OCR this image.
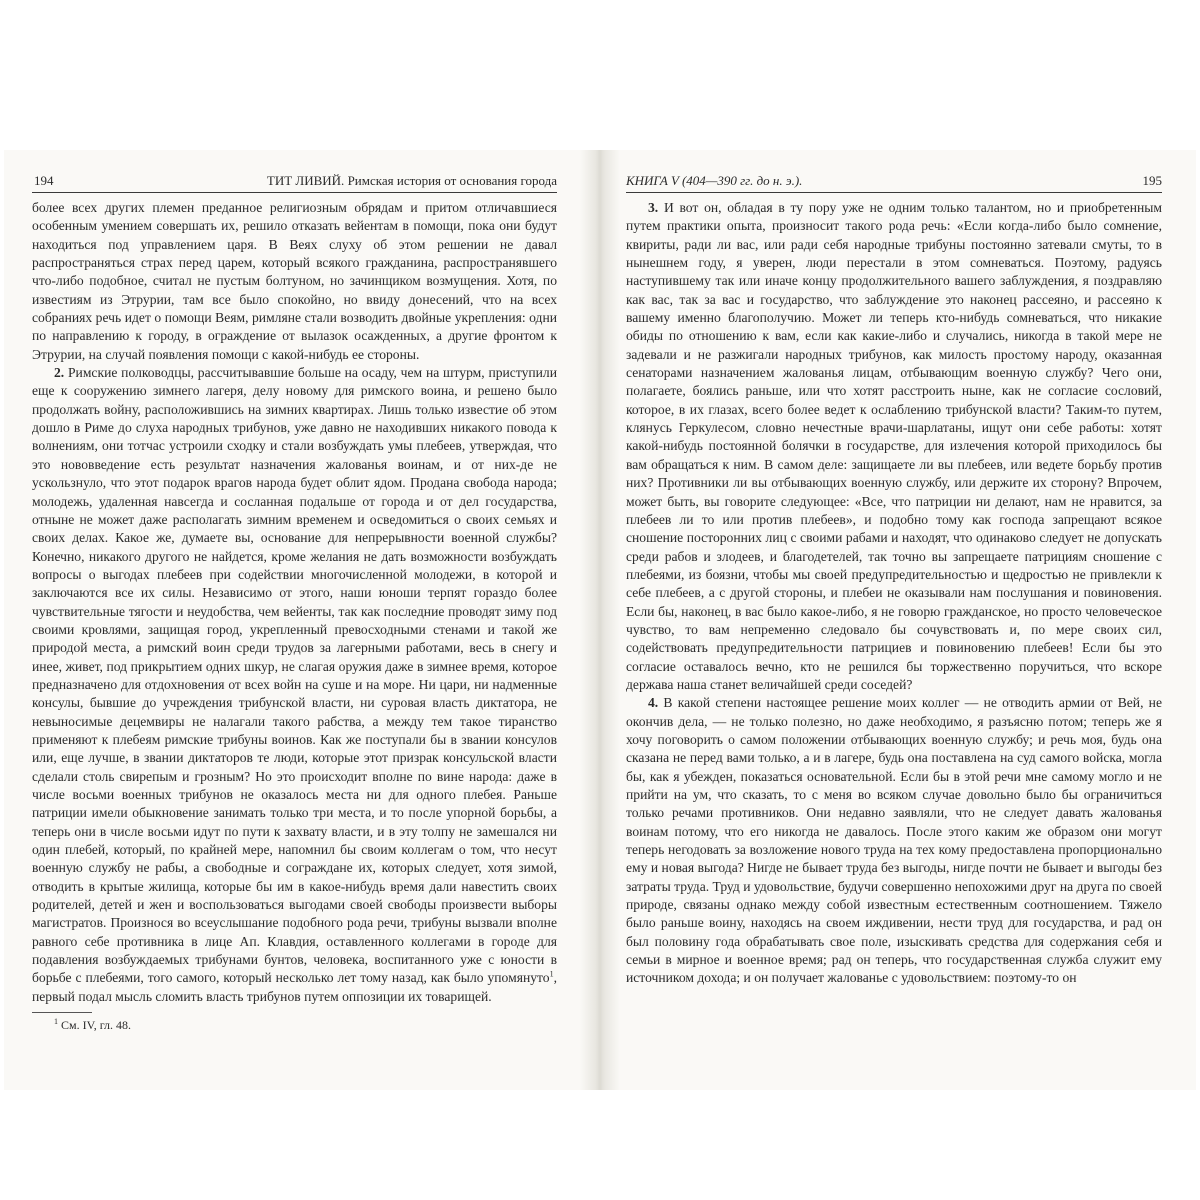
194	ТИТ ЛИВИЙ. Римская история от основания города

более всех других племен преданное религиозным обрядам и притом отличавшиеся особенным умением совершать их, решило отказать вейентам в помощи, пока они будут находиться под управлением царя. В Веях слуху об этом решении не давал распространяться страх перед царем, который всякого гражданина, распространявшего что-либо подобное, считал не пустым болтуном, но зачинщиком возмущения. Хотя, по известиям из Этрурии, там все было спокойно, но ввиду донесений, что на всех собраниях речь идет о помощи Веям, римляне стали возводить двойные укрепления: одни по направлению к городу, в ограждение от вылазок осажденных, а другие фронтом к Этрурии, на случай появления помощи с какой-нибудь ее стороны.

2. Римские полководцы, рассчитывавшие больше на осаду, чем на штурм, приступили еще к сооружению зимнего лагеря, делу новому для римского воина, и решено было продолжать войну, расположившись на зимних квартирах. Лишь только известие об этом дошло в Риме до слуха народных трибунов, уже давно не находивших никакого повода к волнениям, они тотчас устроили сходку и стали возбуждать умы плебеев, утверждая, что это нововведение есть результат назначения жалованья воинам, и от них-де не ускользнуло, что этот подарок врагов народа будет облит ядом. Продана свобода народа; молодежь, удаленная навсегда и сосланная подальше от города и от дел государства, отныне не может даже располагать зимним временем и осведомиться о своих семьях и своих делах. Какое же, думаете вы, основание для непрерывности военной службы? Конечно, никакого другого не найдется, кроме желания не дать возможности возбуждать вопросы о выгодах плебеев при содействии многочисленной молодежи, в которой и заключаются все их силы. Независимо от этого, наши юноши терпят гораздо более чувствительные тягости и неудобства, чем вейенты, так как последние проводят зиму под своими кровлями, защищая город, укрепленный превосходными стенами и такой же природой места, а римский воин среди трудов за лагерными работами, весь в снегу и инее, живет, под прикрытием одних шкур, не слагая оружия даже в зимнее время, которое предназначено для отдохновения от всех войн на суше и на море. Ни цари, ни надменные консулы, бывшие до учреждения трибунской власти, ни суровая власть диктатора, не невыносимые децемвиры не налагали такого рабства, а между тем такое тиранство применяют к плебеям римские трибуны воинов. Как же поступали бы в звании консулов или, еще лучше, в звании диктаторов те люди, которые этот призрак консульской власти сделали столь свирепым и грозным? Но это происходит вполне по вине народа: даже в числе восьми военных трибунов не оказалось места ни для одного плебея. Раньше патриции имели обыкновение занимать только три места, и то после упорной борьбы, а теперь они в числе восьми идут по пути к захвату власти, и в эту толпу не замешался ни один плебей, который, по крайней мере, напомнил бы своим коллегам о том, что несут военную службу не рабы, а свободные и сограждане их, которых следует, хотя зимой, отводить в крытые жилища, которые бы им в какое-нибудь время дали навестить своих родителей, детей и жен и воспользоваться выгодами своей свободы произвести выборы магистратов. Произнося во всеуслышание подобного рода речи, трибуны вызвали вполне равного себе противника в лице Ап. Клавдия, оставленного коллегами в городе для подавления возбуждаемых трибунами бунтов, человека, воспитанного уже с юности в борьбе с плебеями, того самого, который несколько лет тому назад, как было упомянуто$^1$, первый подал мысль сломить власть трибунов путем оппозиции их товарищей.

$^1$ См. IV, гл. 48.
КНИГА V (404—390 гг. до н. э.).	195

3. И вот он, обладая в ту пору уже не одним только талантом, но и приобретенным путем практики опыта, произносит такого рода речь: «Если когда-либо было сомнение, квириты, ради ли вас, или ради себя народные трибуны постоянно затевали смуты, то в нынешнем году, я уверен, люди перестали в этом сомневаться. Поэтому, радуясь наступившему так или иначе концу продолжительного вашего заблуждения, я поздравляю как вас, так за вас и государство, что заблуждение это наконец рассеяно, и рассеяно к вашему именно благополучию. Может ли теперь кто-нибудь сомневаться, что никакие обиды по отношению к вам, если как какие-либо и случались, никогда в такой мере не задевали и не разжигали народных трибунов, как милость простому народу, оказанная сенаторами назначением жалованья лицам, отбывающим военную службу? Чего они, полагаете, боялись раньше, или что хотят расстроить ныне, как не согласие сословий, которое, в их глазах, всего более ведет к ослаблению трибунской власти? Таким-то путем, клянусь Геркулесом, словно нечестные врачи-шарлатаны, ищут они себе работы: хотят какой-нибудь постоянной болячки в государстве, для излечения которой приходилось бы вам обращаться к ним. В самом деле: защищаете ли вы плебеев, или ведете борьбу против них? Противники ли вы отбывающих военную службу, или держите их сторону? Впрочем, может быть, вы говорите следующее: «Все, что патриции ни делают, нам не нравится, за плебеев ли то или против плебеев», и подобно тому как господа запрещают всякое сношение посторонних лиц с своими рабами и находят, что одинаково следует не допускать среди рабов и злодеев, и благодетелей, так точно вы запрещаете патрициям сношение с плебеями, из боязни, чтобы мы своей предупредительностью и щедростью не привлекли к себе плебеев, а с другой стороны, и плебеи не оказывали нам послушания и повиновения. Если бы, наконец, в вас было какое-либо, я не говорю гражданское, но просто человеческое чувство, то вам непременно следовало бы сочувствовать и, по мере своих сил, содействовать предупредительности патрициев и повиновению плебеев! Если бы это согласие оставалось вечно, кто не решился бы торжественно поручиться, что вскоре держава наша станет величайшей среди соседей?

4. В какой степени настоящее решение моих коллег — не отводить армии от Вей, не окончив дела, — не только полезно, но даже необходимо, я разъясню потом; теперь же я хочу поговорить о самом положении отбывающих военную службу; и речь моя, будь она сказана не перед вами только, а и в лагере, будь она поставлена на суд самого войска, могла бы, как я убежден, показаться основательной. Если бы в этой речи мне самому могло и не прийти на ум, что сказать, то с меня во всяком случае довольно было бы ограничиться только речами противников. Они недавно заявляли, что не следует давать жалованья воинам потому, что его никогда не давалось. После этого каким же образом они могут теперь негодовать за возложение нового труда на тех кому предоставлена пропорционально ему и новая выгода? Нигде не бывает труда без выгоды, нигде почти не бывает и выгоды без затраты труда. Труд и удовольствие, будучи совершенно непохожими друг на друга по своей природе, связаны однако между собой известным естественным соотношением. Тяжело было раньше воину, находясь на своем иждивении, нести труд для государства, и рад он был половину года обрабатывать свое поле, изыскивать средства для содержания себя и семьи в мирное и военное время; рад он теперь, что государственная служба служит ему источником дохода; и он получает жалованье с удовольствием: поэтому-то он
